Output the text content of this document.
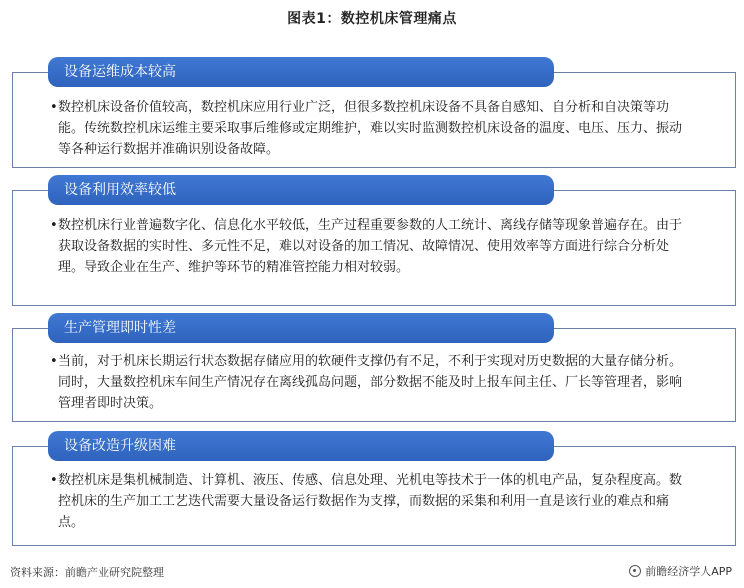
图表1：数控机床管理痛点
设备运维成本较高
• 数控机床设备价值较高，数控机床应用行业广泛，但很多数控机床设备不具备自感知、自分析和自决策等功能。传统数控机床运维主要采取事后维修或定期维护，难以实时监测数控机床设备的温度、电压、压力、振动等各种运行数据并准确识别设备故障。
设备利用效率较低
• 数控机床行业普遍数字化、信息化水平较低，生产过程重要参数的人工统计、离线存储等现象普遍存在。由于获取设备数据的实时性、多元性不足，难以对设备的加工情况、故障情况、使用效率等方面进行综合分析处理。导致企业在生产、维护等环节的精准管控能力相对较弱。
生产管理即时性差
• 当前，对于机床长期运行状态数据存储应用的软硬件支撑仍有不足，不利于实现对历史数据的大量存储分析。同时，大量数控机床车间生产情况存在离线孤岛问题，部分数据不能及时上报车间主任、厂长等管理者，影响管理者即时决策。
设备改造升级困难
• 数控机床是集机械制造、计算机、液压、传感、信息处理、光机电等技术于一体的机电产品，复杂程度高。数控机床的生产加工工艺迭代需要大量设备运行数据作为支撑，而数据的采集和利用一直是该行业的难点和痛点。
资料来源：前瞻产业研究院整理	前瞻经济学人APP
